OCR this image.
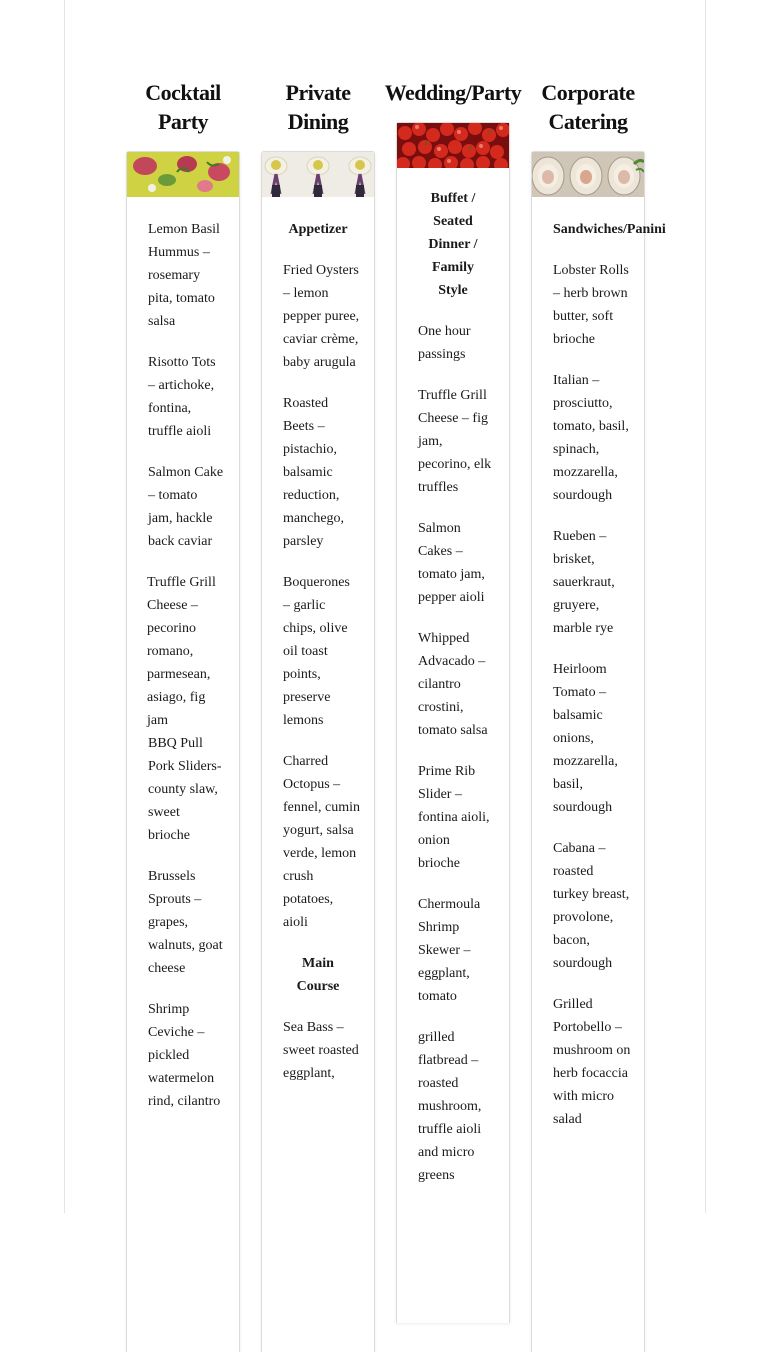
Cocktail
Party
Lemon Basil Hummus – rosemary pita, tomato salsa
Risotto Tots – artichoke, fontina, truffle aioli
Salmon Cake – tomato jam, hackle back caviar
Truffle Grill Cheese – pecorino romano, parmesean, asiago, fig jam
BBQ Pull Pork Sliders- county slaw, sweet brioche
Brussels Sprouts – grapes, walnuts, goat cheese
Shrimp Ceviche – pickled watermelon rind, cilantro
Private
Dining
Appetizer
Fried Oysters – lemon pepper puree, caviar crème, baby arugula
Roasted Beets – pistachio, balsamic reduction, manchego, parsley
Boquerones – garlic chips, olive oil toast points, preserve lemons
Charred Octopus – fennel, cumin yogurt, salsa verde, lemon crush potatoes, aioli
Main Course
Sea Bass – sweet roasted eggplant,
Wedding/Party
Buffet / Seated Dinner / Family Style
One hour passings
Truffle Grill Cheese – fig jam, pecorino, elk truffles
Salmon Cakes – tomato jam, pepper aioli
Whipped Advacado – cilantro crostini, tomato salsa
Prime Rib Slider – fontina aioli, onion brioche
Chermoula Shrimp Skewer – eggplant, tomato
grilled flatbread – roasted mushroom, truffle aioli and micro greens
Corporate
Catering
Sandwiches/Panini
Lobster Rolls – herb brown butter, soft brioche
Italian – prosciutto, tomato, basil, spinach, mozzarella, sourdough
Rueben – brisket, sauerkraut, gruyere, marble rye
Heirloom Tomato – balsamic onions, mozzarella, basil, sourdough
Cabana – roasted turkey breast, provolone, bacon, sourdough
Grilled Portobello – mushroom on herb focaccia with micro salad
